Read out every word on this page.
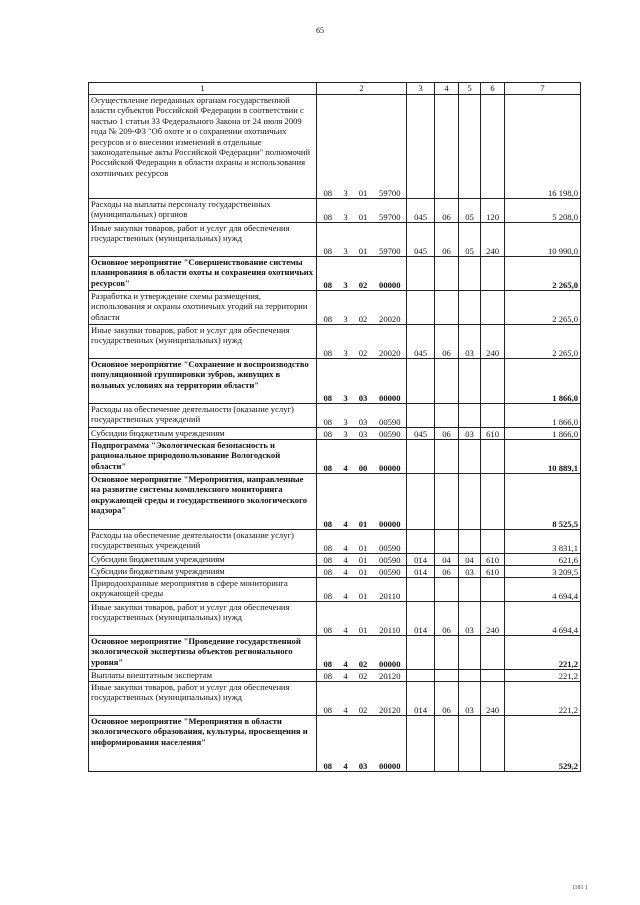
65
1	2				3	4	5	6	7
Осуществление переданных органам государственной власти субъектов Российской Федерации в соответствии с частью 1 статьи 33 Федерального Закона от 24 июля 2009 года № 209-ФЗ "Об охоте и о сохранении охотничьих ресурсов и о внесении изменений в отдельные законодательные акты Российской Федерации" полномочий Российской Федерации в области охраны и использования охотничьих ресурсов	08	3	01	59700					16 198,0
Расходы на выплаты персоналу государственных (муниципальных) органов	08	3	01	59700	045	06	05	120	5 208,0
Иные закупки товаров, работ и услуг для обеспечения государственных (муниципальных) нужд	08	3	01	59700	045	06	05	240	10 990,0
Основное мероприятие "Совершенствование системы планирования в области охоты и сохранения охотничьих ресурсов"	08	3	02	00000					2 265,0
Разработка и утверждение схемы размещения, использования и охраны охотничьих угодий на территории области	08	3	02	20020					2 265,0
Иные закупки товаров, работ и услуг для обеспечения государственных (муниципальных) нужд	08	3	02	20020	045	06	03	240	2 265,0
Основное мероприятие "Сохранение и воспроизводство популяционной группировки зубров, живущих в вольных условиях на территории области"	08	3	03	00000					1 866,0
Расходы на обеспечение деятельности (оказание услуг) государственных учреждений	08	3	03	00590					1 866,0
Субсидии бюджетным учреждениям	08	3	03	00590	045	06	03	610	1 866,0
Подпрограмма "Экологическая безопасность и рациональное природопользование Вологодской области"	08	4	00	00000					10 889,1
Основное мероприятие "Мероприятия, направленные на развитие системы комплексного мониторинга окружающей среды и государственного экологического надзора"	08	4	01	00000					8 525,5
Расходы на обеспечение деятельности (оказание услуг) государственных учреждений	08	4	01	00590					3 831,1
Субсидии бюджетным учреждениям	08	4	01	00590	014	04	04	610	621,6
Субсидии бюджетным учреждениям	08	4	01	00590	014	06	03	610	3 209,5
Природоохранные мероприятия в сфере мониторинга окружающей среды	08	4	01	20110					4 694,4
Иные закупки товаров, работ и услуг для обеспечения государственных (муниципальных) нужд	08	4	01	20110	014	06	03	240	4 694,4
Основное мероприятие "Проведение государственной экологической экспертизы объектов регионального уровня"	08	4	02	00000					221,2
Выплаты внештатным экспертам	08	4	02	20120					221,2
Иные закупки товаров, работ и услуг для обеспечения государственных (муниципальных) нужд	08	4	02	20120	014	06	03	240	221,2
Основное мероприятие "Мероприятия в области экологического образования, культуры, просвещения и информирования населения"	08	4	03	00000					529,2
1181 1
